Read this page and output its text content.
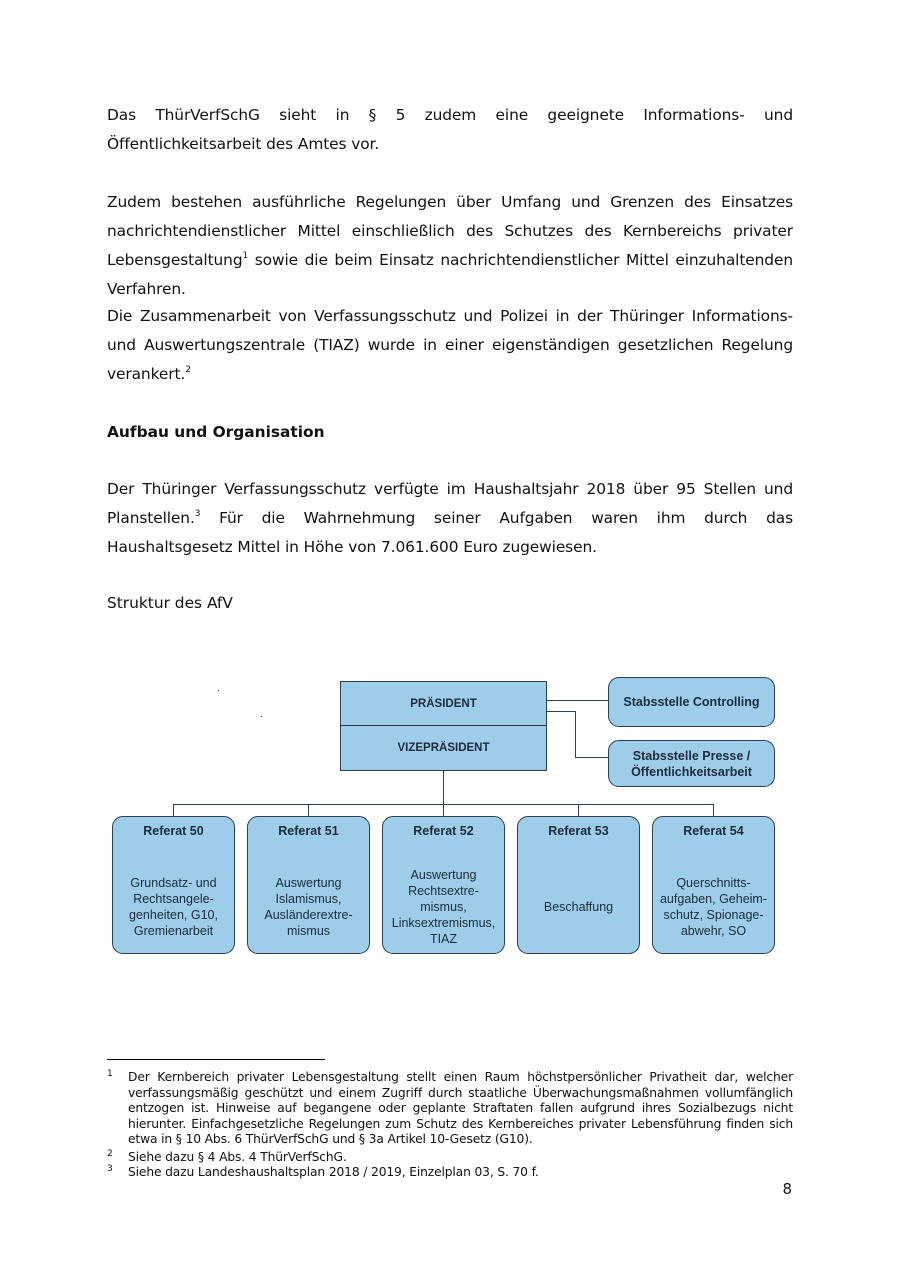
Das ThürVerfSchG sieht in § 5 zudem eine geeignete Informations- und Öffentlichkeitsarbeit des Amtes vor.

Zudem bestehen ausführliche Regelungen über Umfang und Grenzen des Einsatzes nachrichtendienstlicher Mittel einschließlich des Schutzes des Kernbereichs privater Lebensgestaltung$^1$ sowie die beim Einsatz nachrichtendienstlicher Mittel einzuhaltenden Verfahren.

Die Zusammenarbeit von Verfassungsschutz und Polizei in der Thüringer Informations- und Auswertungszentrale (TIAZ) wurde in einer eigenständigen gesetzlichen Regelung verankert.$^2$

Aufbau und Organisation

Der Thüringer Verfassungsschutz verfügte im Haushaltsjahr 2018 über 95 Stellen und Planstellen.$^3$ Für die Wahrnehmung seiner Aufgaben waren ihm durch das Haushaltsgesetz Mittel in Höhe von 7.061.600 Euro zugewiesen.

Struktur des AfV

PRÄSIDENT
VIZEPRÄSIDENT
Stabsstelle Controlling
Stabsstelle Presse /
Öffentlichkeitsarbeit
Referat 50
Grundsatz- und
Rechtsangele-
genheiten, G10,
Gremienarbeit
Referat 51
Auswertung
Islamismus,
Ausländerextre-
mismus
Referat 52
Auswertung
Rechtsextre-
mismus,
Linksextremismus,
TIAZ
Referat 53
Beschaffung
Referat 54
Querschnitts-
aufgaben, Geheim-
schutz, Spionage-
abwehr, SO
1 Der Kernbereich privater Lebensgestaltung stellt einen Raum höchstpersönlicher Privatheit dar, welcher verfassungsmäßig geschützt und einem Zugriff durch staatliche Überwachungsmaßnahmen vollumfänglich entzogen ist. Hinweise auf begangene oder geplante Straftaten fallen aufgrund ihres Sozialbezugs nicht hierunter. Einfachgesetzliche Regelungen zum Schutz des Kernbereiches privater Lebensführung finden sich etwa in § 10 Abs. 6 ThürVerfSchG und § 3a Artikel 10-Gesetz (G10).
2 Siehe dazu § 4 Abs. 4 ThürVerfSchG.
3 Siehe dazu Landeshaushaltsplan 2018 / 2019, Einzelplan 03, S. 70 f.
8
